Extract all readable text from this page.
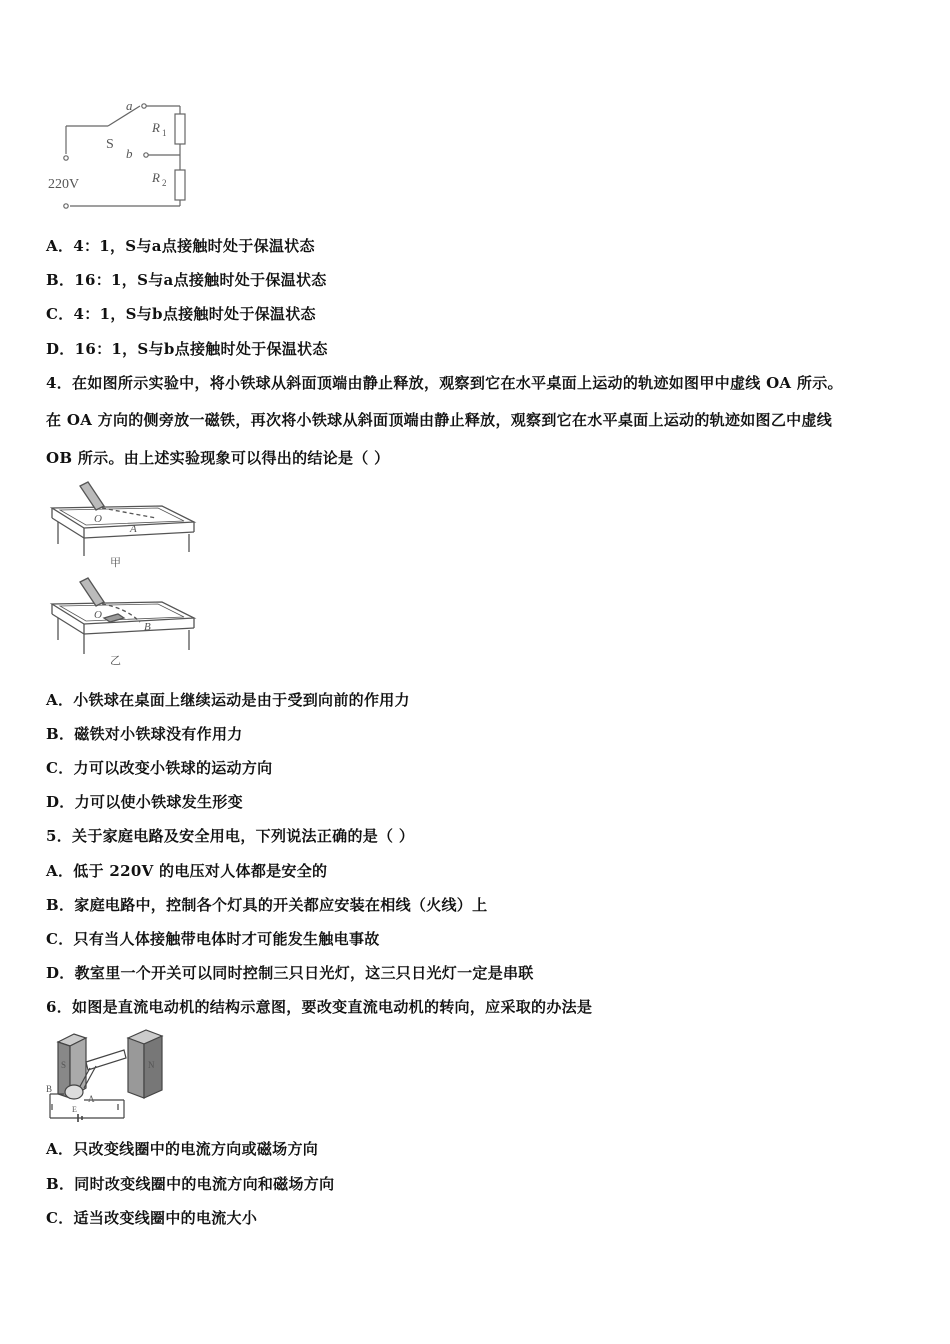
a
b
S
R 1
R 2
220V
A．4：1，S与a点接触时处于保温状态
B．16：1，S与a点接触时处于保温状态
C．4：1，S与b点接触时处于保温状态
D．16：1，S与b点接触时处于保温状态
4．在如图所示实验中，将小铁球从斜面顶端由静止释放，观察到它在水平桌面上运动的轨迹如图甲中虚线 OA 所示。
在 OA 方向的侧旁放一磁铁，再次将小铁球从斜面顶端由静止释放，观察到它在水平桌面上运动的轨迹如图乙中虚线
OB 所示。由上述实验现象可以得出的结论是（ ）
O
A
甲
O
B
乙
A．小铁球在桌面上继续运动是由于受到向前的作用力
B．磁铁对小铁球没有作用力
C．力可以改变小铁球的运动方向
D．力可以使小铁球发生形变
5．关于家庭电路及安全用电，下列说法正确的是（ ）
A．低于 220V 的电压对人体都是安全的
B．家庭电路中，控制各个灯具的开关都应安装在相线（火线）上
C．只有当人体接触带电体时才可能发生触电事故
D．教室里一个开关可以同时控制三只日光灯，这三只日光灯一定是串联
6．如图是直流电动机的结构示意图，要改变直流电动机的转向，应采取的办法是
S	N
B
A
E
A．只改变线圈中的电流方向或磁场方向
B．同时改变线圈中的电流方向和磁场方向
C．适当改变线圈中的电流大小
